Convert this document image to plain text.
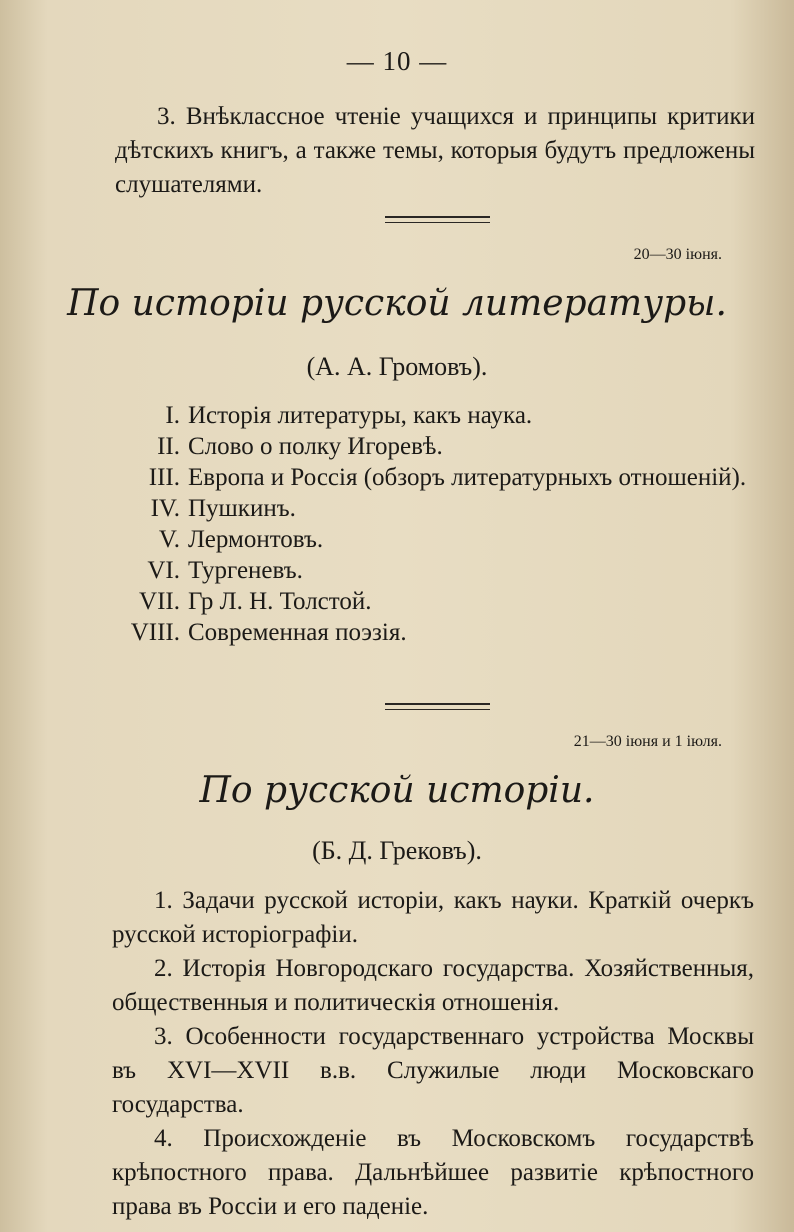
— 10 —

3. Внѣклассное чтеніе учащихся и принципы критики дѣтскихъ книгъ, а также темы, которыя будутъ предложены слушателями.

20—30 іюня.
По исторіи русской литературы.
(А. А. Громовъ).
I. Исторія литературы, какъ наука.
II. Слово о полку Игоревѣ.
III. Европа и Россія (обзоръ литературныхъ отношеній).
IV. Пушкинъ.
V. Лермонтовъ.
VI. Тургеневъ.
VII. Гр Л. Н. Толстой.
VIII. Современная поэзія.
21—30 іюня и 1 іюля.
По русской исторіи.
(Б. Д. Грековъ).

1. Задачи русской исторіи, какъ науки. Краткій очеркъ русской исторіографіи.

2. Исторія Новгородскаго государства. Хозяйственныя, общественныя и политическія отношенія.

3. Особенности государственнаго устройства Москвы въ XVI—XVII в.в. Служилые люди Московскаго государства.

4. Происхожденіе въ Московскомъ государствѣ крѣпостного права. Дальнѣйшее развитіе крѣпостного права въ Россіи и его паденіе.
